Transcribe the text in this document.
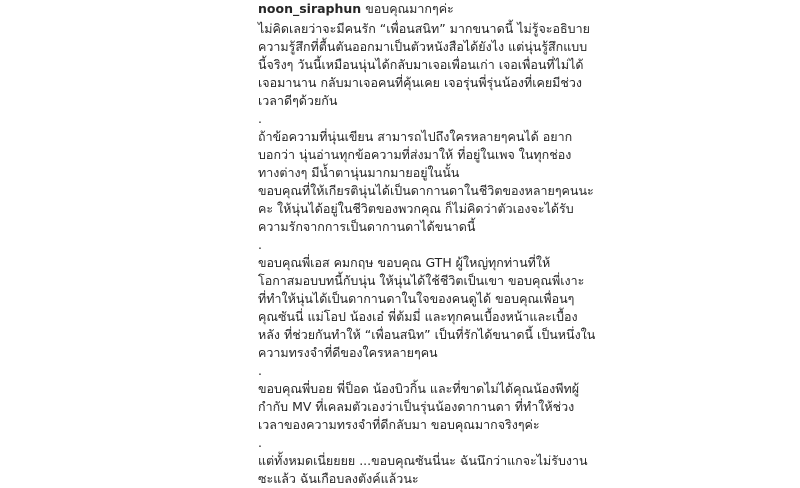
noon_siraphun ขอบคุณมากๆค่ะ
ไม่คิดเลยว่าจะมีคนรัก “เพื่อนสนิท” มากขนาดนี้ ไม่รู้จะอธิบาย
ความรู้สึกที่ตื้นตันออกมาเป็นตัวหนังสือได้ยังไง แต่นุ่นรู้สึกแบบ
นี้จริงๆ วันนี้เหมือนนุ่นได้กลับมาเจอเพื่อนเก่า เจอเพื่อนที่ไม่ได้
เจอมานาน กลับมาเจอคนที่คุ้นเคย เจอรุ่นพี่รุ่นน้องที่เคยมีช่วง
เวลาดีๆด้วยกัน
.
ถ้าข้อความที่นุ่นเขียน สามารถไปถึงใครหลายๆคนได้ อยาก
บอกว่า นุ่นอ่านทุกข้อความที่ส่งมาให้ ที่อยู่ในเพจ ในทุกช่อง
ทางต่างๆ มีน้ำตานุ่นมากมายอยู่ในนั้น
ขอบคุณที่ให้เกียรตินุ่นได้เป็นดากานดาในชีวิตของหลายๆคนนะ
คะ ให้นุ่นได้อยู่ในชีวิตของพวกคุณ ก็ไม่คิดว่าตัวเองจะได้รับ
ความรักจากการเป็นดากานดาได้ขนาดนี้
.
ขอบคุณพี่เอส คมกฤษ ขอบคุณ GTH ผู้ใหญ่ทุกท่านที่ให้
โอกาสมอบบทนี้กับนุ่น ให้นุ่นได้ใช้ชีวิตเป็นเขา ขอบคุณพี่เงาะ
ที่ทำให้นุ่นได้เป็นดากานดาในใจของคนดูได้ ขอบคุณเพื่อนๆ
คุณซันนี่ แม่โอป น้องเอ๋ พี่ต้มมี่ และทุกคนเบื้องหน้าและเบื้อง
หลัง ที่ช่วยกันทำให้ “เพื่อนสนิท” เป็นที่รักได้ขนาดนี้ เป็นหนึ่งใน
ความทรงจำที่ดีของใครหลายๆคน
.
ขอบคุณพี่บอย พี่ป็อด น้องบิวกิ้น และที่ขาดไม่ได้คุณน้องพีทผู้
กำกับ MV ที่เคลมตัวเองว่าเป็นรุ่นน้องดากานดา ที่ทำให้ช่วง
เวลาของความทรงจำที่ดีกลับมา ขอบคุณมากจริงๆค่ะ
.
แต่ทั้งหมดเนี่ยยยย ...ขอบคุณซันนี่นะ ฉันนึกว่าแกจะไม่รับงาน
ซะแล้ว ฉันเกือบลงตังค์แล้วนะ
